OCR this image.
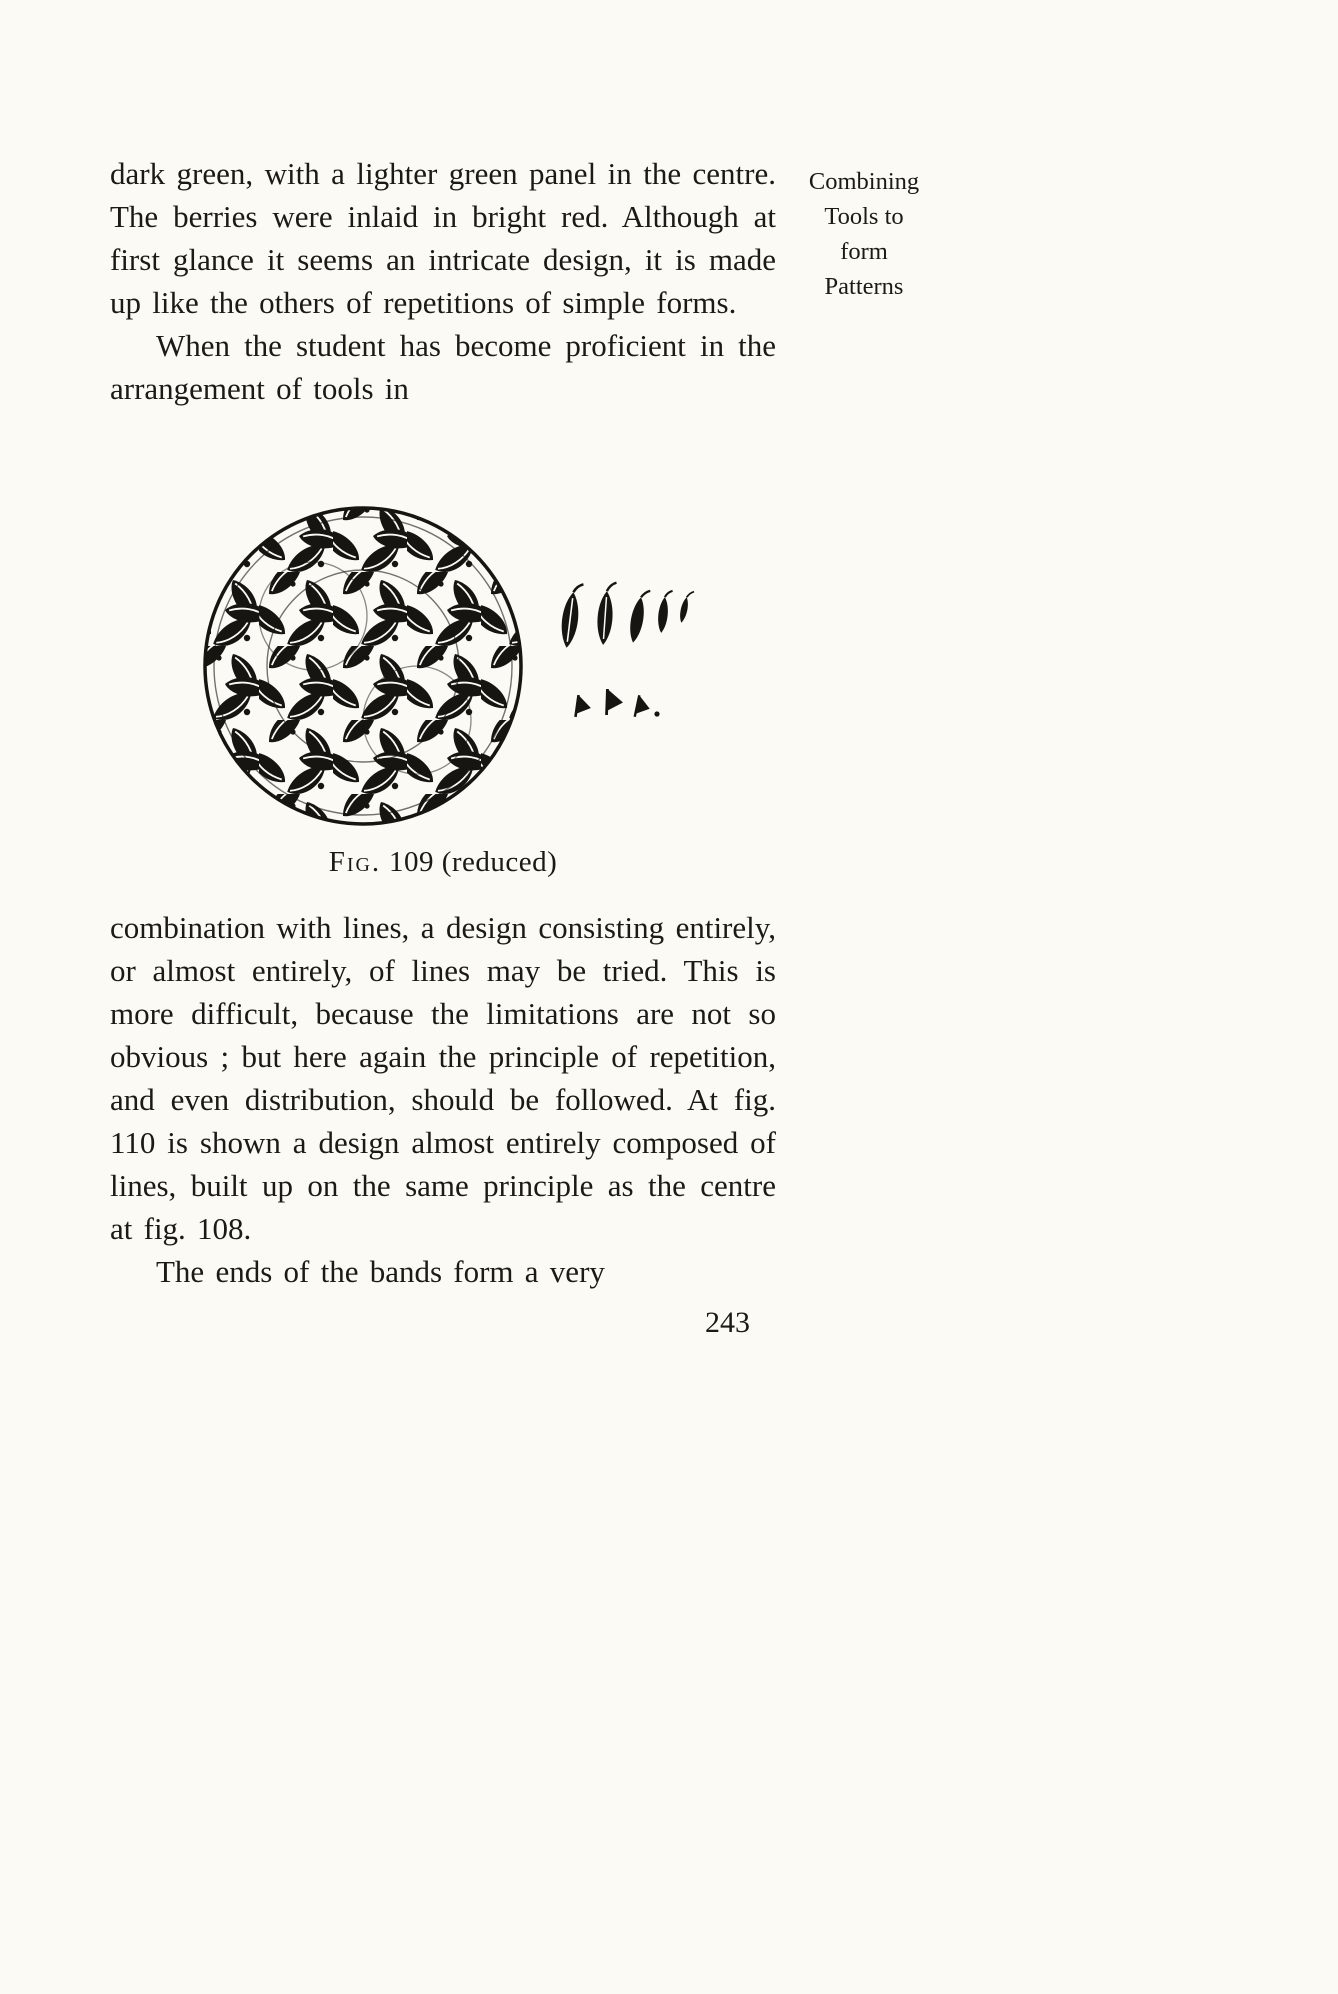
dark green, with a lighter green panel in the centre. The berries were inlaid in bright red. Although at first glance it seems an intricate design, it is made up like the others of repetitions of simple forms.

When the student has become proficient in the arrangement of tools in

Combining
Tools to
form
Patterns
Fig. 109 (reduced)

combination with lines, a design consisting entirely, or almost entirely, of lines may be tried. This is more difficult, because the limitations are not so obvious ; but here again the principle of repetition, and even distribution, should be followed. At fig. 110 is shown a design almost entirely composed of lines, built up on the same principle as the centre at fig. 108.

The ends of the bands form a very

243
